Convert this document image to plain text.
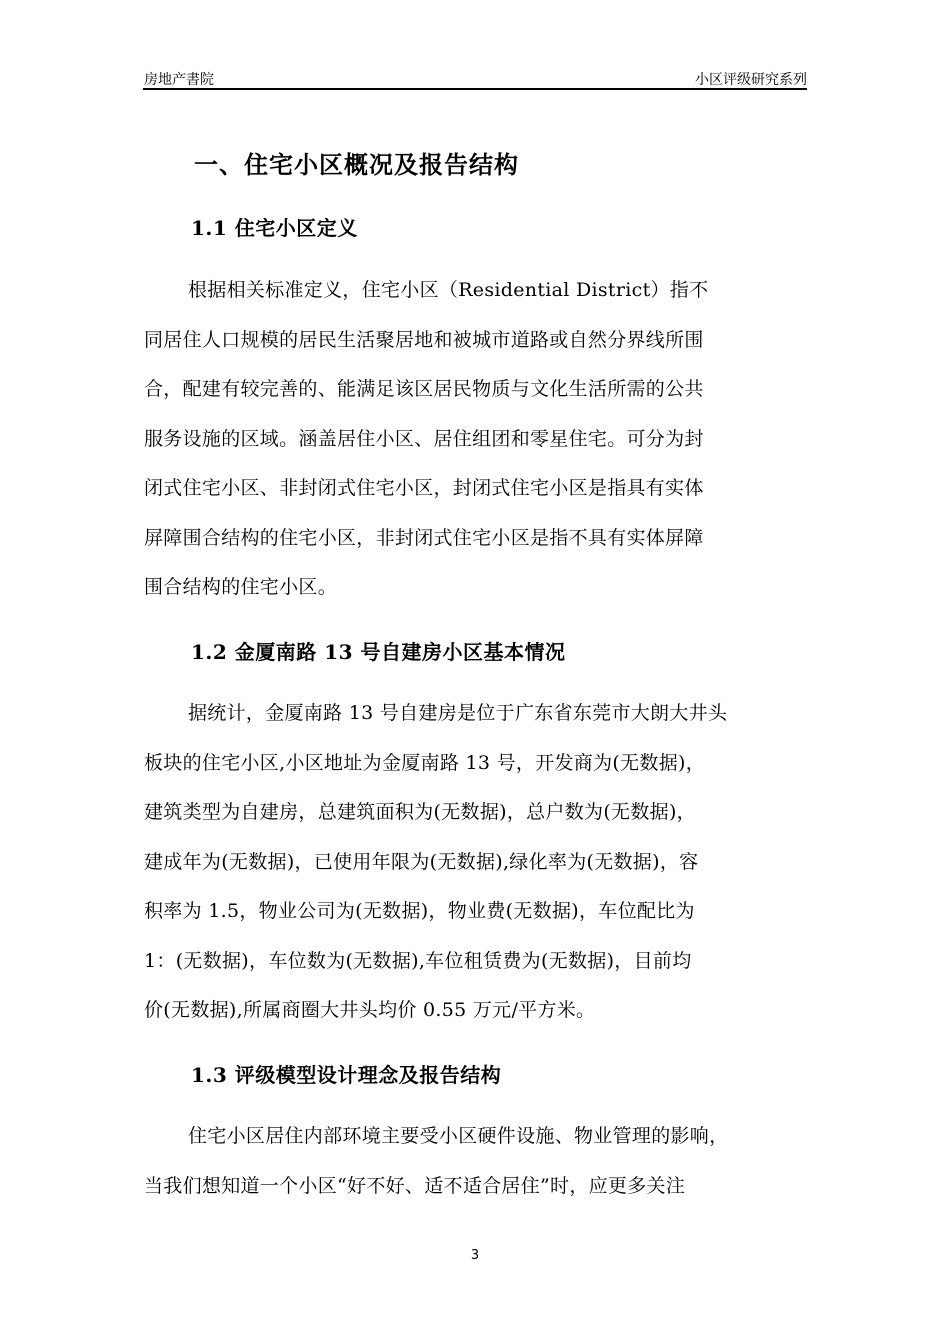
房地产書院	小区评级研究系列
一、住宅小区概况及报告结构
1.1 住宅小区定义
根据相关标准定义，住宅小区（Residential District）指不
同居住人口规模的居民生活聚居地和被城市道路或自然分界线所围
合，配建有较完善的、能满足该区居民物质与文化生活所需的公共
服务设施的区域。涵盖居住小区、居住组团和零星住宅。可分为封
闭式住宅小区、非封闭式住宅小区，封闭式住宅小区是指具有实体
屏障围合结构的住宅小区，非封闭式住宅小区是指不具有实体屏障
围合结构的住宅小区。
1.2 金厦南路 13 号自建房小区基本情况
据统计，金厦南路 13 号自建房是位于广东省东莞市大朗大井头
板块的住宅小区,小区地址为金厦南路 13 号，开发商为(无数据)，
建筑类型为自建房，总建筑面积为(无数据)，总户数为(无数据)，
建成年为(无数据)，已使用年限为(无数据),绿化率为(无数据)，容
积率为 1.5，物业公司为(无数据)，物业费(无数据)，车位配比为
1：(无数据)，车位数为(无数据),车位租赁费为(无数据)，目前均
价(无数据),所属商圈大井头均价 0.55 万元/平方米。
1.3 评级模型设计理念及报告结构
住宅小区居住内部环境主要受小区硬件设施、物业管理的影响，
当我们想知道一个小区“好不好、适不适合居住”时，应更多关注
3
